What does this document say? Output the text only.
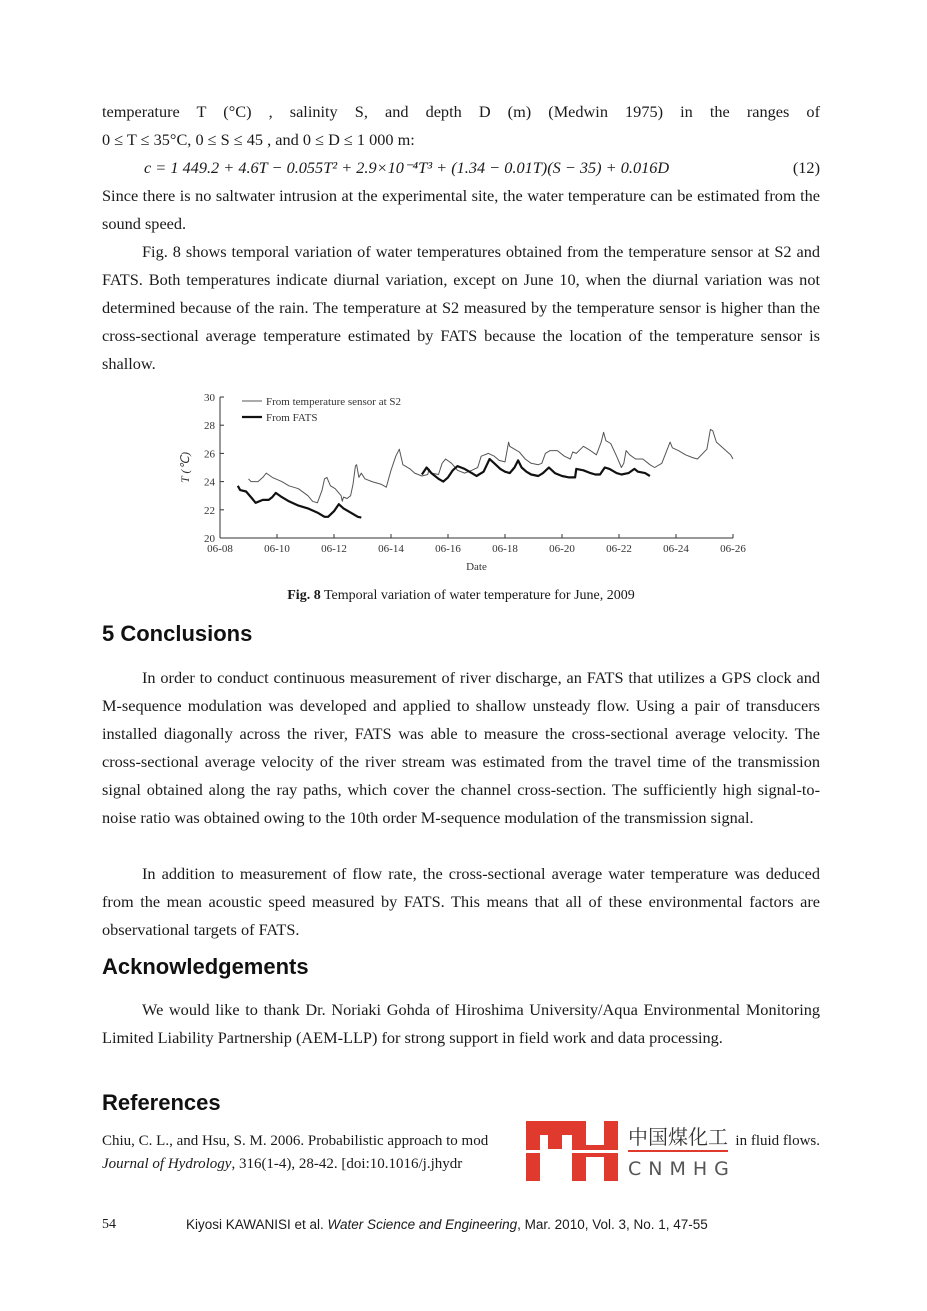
temperature T (°C) , salinity S, and depth D (m) (Medwin 1975) in the ranges of

0 ≤ T ≤ 35°C, 0 ≤ S ≤ 45 , and 0 ≤ D ≤ 1 000 m:

c = 1 449.2 + 4.6T − 0.055T² + 2.9×10⁻⁴T³ + (1.34 − 0.01T)(S − 35) + 0.016D	(12)

Since there is no saltwater intrusion at the experimental site, the water temperature can be estimated from the sound speed.

Fig. 8 shows temporal variation of water temperatures obtained from the temperature sensor at S2 and FATS. Both temperatures indicate diurnal variation, except on June 10, when the diurnal variation was not determined because of the rain. The temperature at S2 measured by the temperature sensor is higher than the cross-sectional average temperature estimated by FATS because the location of the temperature sensor is shallow.

20
22
24
26
28
30
06-08	06-10	06-12	06-14	06-16	06-18	06-20	06-22	06-24	06-26
Date
T (℃)
From temperature sensor at S2
From FATS

Fig. 8 Temporal variation of water temperature for June, 2009

5 Conclusions

In order to conduct continuous measurement of river discharge, an FATS that utilizes a GPS clock and M-sequence modulation was developed and applied to shallow unsteady flow. Using a pair of transducers installed diagonally across the river, FATS was able to measure the cross-sectional average velocity. The cross-sectional average velocity of the river stream was estimated from the travel time of the transmission signal obtained along the ray paths, which cover the channel cross-section. The sufficiently high signal-to-noise ratio was obtained owing to the 10th order M-sequence modulation of the transmission signal.

In addition to measurement of flow rate, the cross-sectional average water temperature was deduced from the mean acoustic speed measured by FATS. This means that all of these environmental factors are observational targets of FATS.

Acknowledgements

We would like to thank Dr. Noriaki Gohda of Hiroshima University/Aqua Environmental Monitoring Limited Liability Partnership (AEM-LLP) for strong support in field work and data processing.

References

Chiu, C. L., and Hsu, S. M. 2006. Probabilistic approach to mod	in fluid flows.

Journal of Hydrology, 316(1-4), 28-42. [doi:10.1016/j.jhydr

中国煤化工
CNMHG
54	Kiyosi KAWANISI et al. Water Science and Engineering, Mar. 2010, Vol. 3, No. 1, 47-55
